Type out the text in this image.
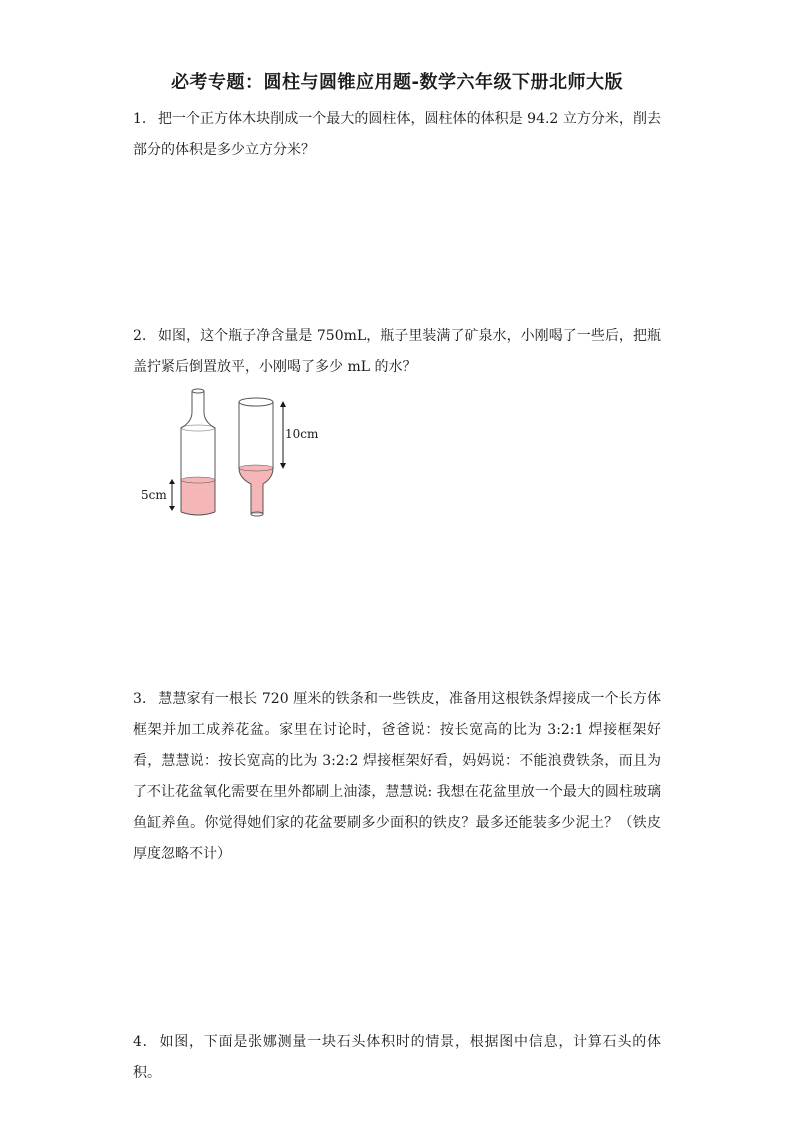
必考专题：圆柱与圆锥应用题-数学六年级下册北师大版
1． 把一个正方体木块削成一个最大的圆柱体，圆柱体的体积是 94.2 立方分米，削去部分的体积是多少立方分米？
2． 如图，这个瓶子净含量是 750mL，瓶子里装满了矿泉水，小刚喝了一些后，把瓶盖拧紧后倒置放平，小刚喝了多少 mL 的水？
5cm
10cm
3． 慧慧家有一根长 720 厘米的铁条和一些铁皮，准备用这根铁条焊接成一个长方体框架并加工成养花盆。家里在讨论时，爸爸说：按长宽高的比为 3:2:1 焊接框架好看，慧慧说：按长宽高的比为 3:2:2 焊接框架好看，妈妈说：不能浪费铁条，而且为了不让花盆氧化需要在里外都刷上油漆，慧慧说: 我想在花盆里放一个最大的圆柱玻璃鱼缸养鱼。你觉得她们家的花盆要刷多少面积的铁皮？最多还能装多少泥土？（铁皮厚度忽略不计）
4． 如图，下面是张娜测量一块石头体积时的情景，根据图中信息，计算石头的体积。
